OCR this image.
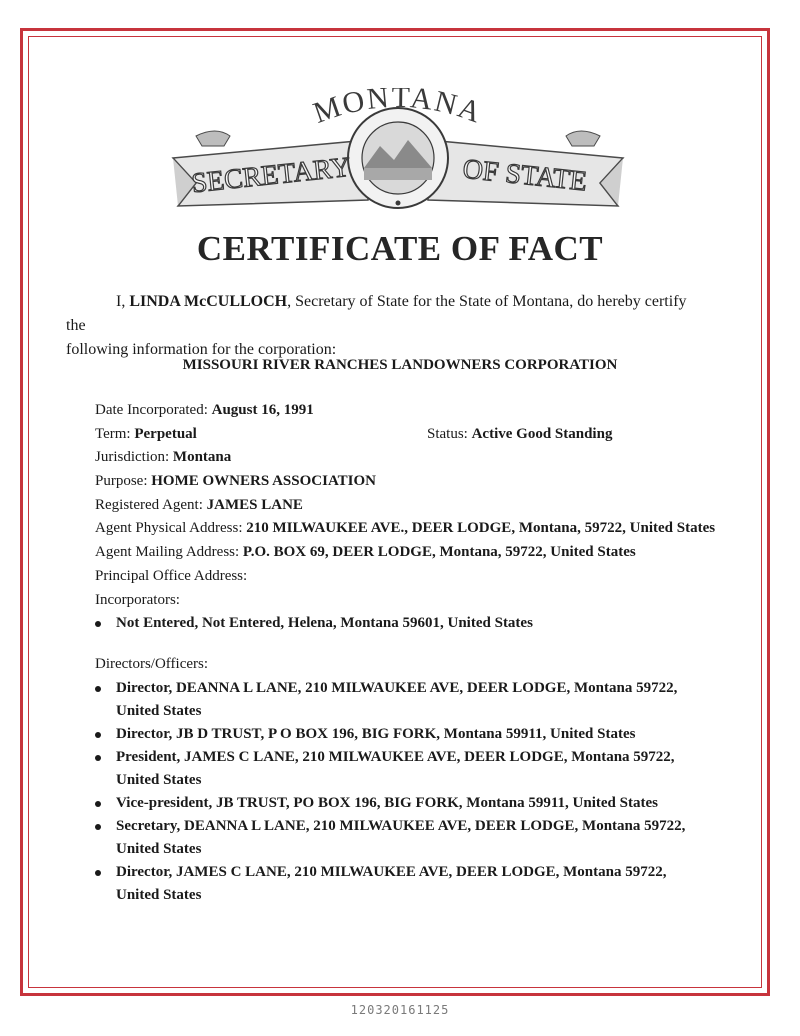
MONTANA
SECRETARY	OF STATE
CERTIFICATE OF FACT
I, LINDA McCULLOCH, Secretary of State for the State of Montana, do hereby certify the
following information for the corporation:
MISSOURI RIVER RANCHES LANDOWNERS CORPORATION
Date Incorporated: August 16, 1991
Term: Perpetual	Status: Active Good Standing
Jurisdiction: Montana
Purpose: HOME OWNERS ASSOCIATION
Registered Agent: JAMES LANE
Agent Physical Address: 210 MILWAUKEE AVE., DEER LODGE, Montana, 59722, United States
Agent Mailing Address: P.O. BOX 69, DEER LODGE, Montana, 59722, United States
Principal Office Address:
Incorporators:
Not Entered, Not Entered, Helena, Montana 59601, United States
Directors/Officers:
Director, DEANNA L LANE, 210 MILWAUKEE AVE, DEER LODGE, Montana 59722,
United States
Director, JB D TRUST, P O BOX 196, BIG FORK, Montana 59911, United States
President, JAMES C LANE, 210 MILWAUKEE AVE, DEER LODGE, Montana 59722,
United States
Vice-president, JB TRUST, PO BOX 196, BIG FORK, Montana 59911, United States
Secretary, DEANNA L LANE, 210 MILWAUKEE AVE, DEER LODGE, Montana 59722,
United States
Director, JAMES C LANE, 210 MILWAUKEE AVE, DEER LODGE, Montana 59722,
United States
120320161125
